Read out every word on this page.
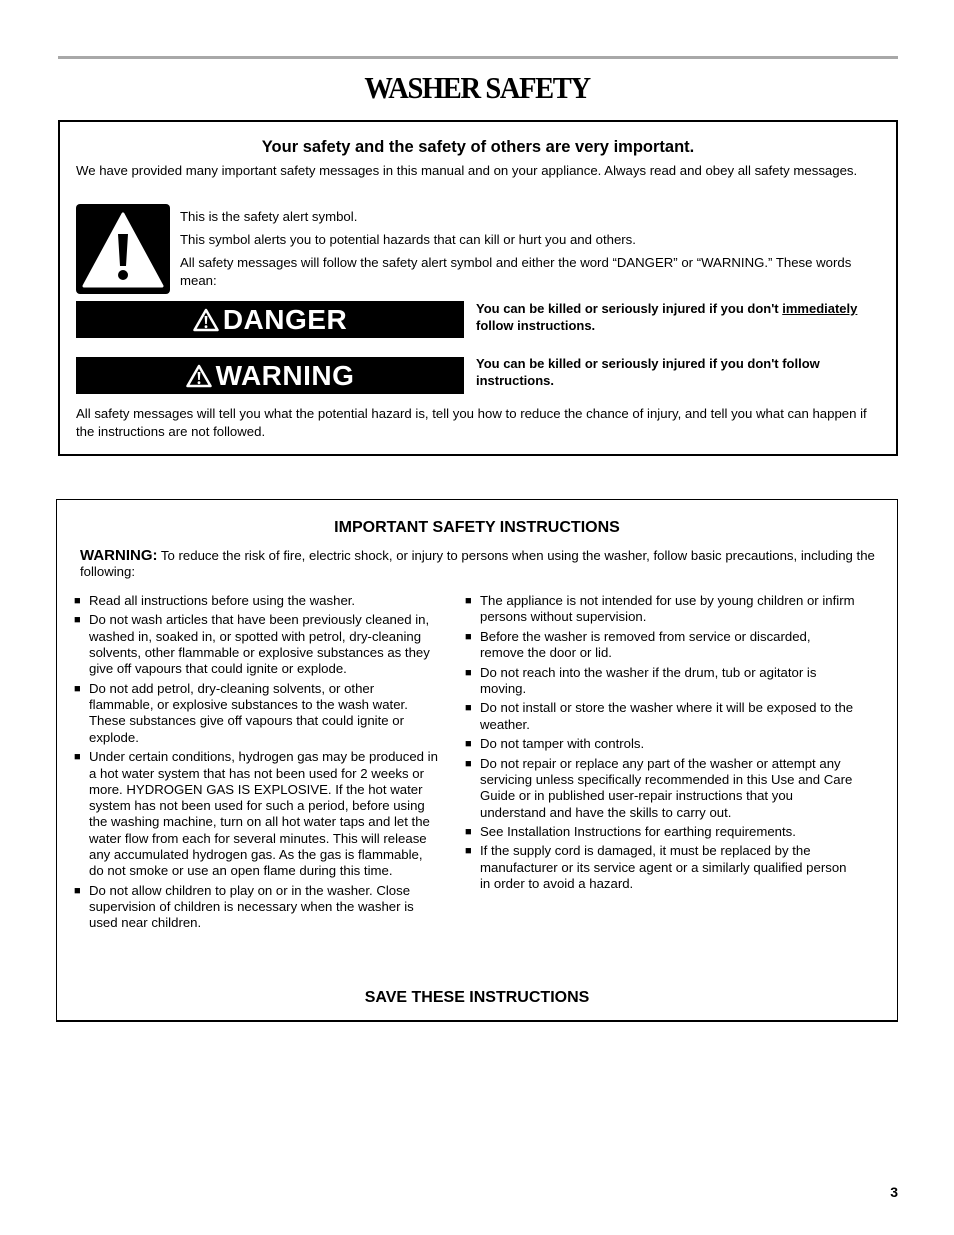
WASHER SAFETY
Your safety and the safety of others are very important.

We have provided many important safety messages in this manual and on your appliance. Always read and obey all safety messages.

This is the safety alert symbol.
This symbol alerts you to potential hazards that can kill or hurt you and others.
All safety messages will follow the safety alert symbol and either the word “DANGER” or “WARNING.” These words mean:
DANGER	You can be killed or seriously injured if you don't immediately follow instructions.
WARNING	You can be killed or seriously injured if you don't follow instructions.

All safety messages will tell you what the potential hazard is, tell you how to reduce the chance of injury, and tell you what can happen if the instructions are not followed.

IMPORTANT SAFETY INSTRUCTIONS

WARNING: To reduce the risk of fire, electric shock, or injury to persons when using the washer, follow basic precautions, including the following:

■ Read all instructions before using the washer.
■ Do not wash articles that have been previously cleaned in, washed in, soaked in, or spotted with petrol, dry-cleaning solvents, other flammable or explosive substances as they give off vapours that could ignite or explode.
■ Do not add petrol, dry-cleaning solvents, or other flammable, or explosive substances to the wash water. These substances give off vapours that could ignite or explode.
■ Under certain conditions, hydrogen gas may be produced in a hot water system that has not been used for 2 weeks or more. HYDROGEN GAS IS EXPLOSIVE. If the hot water system has not been used for such a period, before using the washing machine, turn on all hot water taps and let the water flow from each for several minutes. This will release any accumulated hydrogen gas. As the gas is flammable, do not smoke or use an open flame during this time.
■ Do not allow children to play on or in the washer. Close supervision of children is necessary when the washer is used near children.
■ The appliance is not intended for use by young children or infirm persons without supervision.
■ Before the washer is removed from service or discarded, remove the door or lid.
■ Do not reach into the washer if the drum, tub or agitator is moving.
■ Do not install or store the washer where it will be exposed to the weather.
■ Do not tamper with controls.
■ Do not repair or replace any part of the washer or attempt any servicing unless specifically recommended in this Use and Care Guide or in published user-repair instructions that you understand and have the skills to carry out.
■ See Installation Instructions for earthing requirements.
■ If the supply cord is damaged, it must be replaced by the manufacturer or its service agent or a similarly qualified person in order to avoid a hazard.
SAVE THESE INSTRUCTIONS
3
